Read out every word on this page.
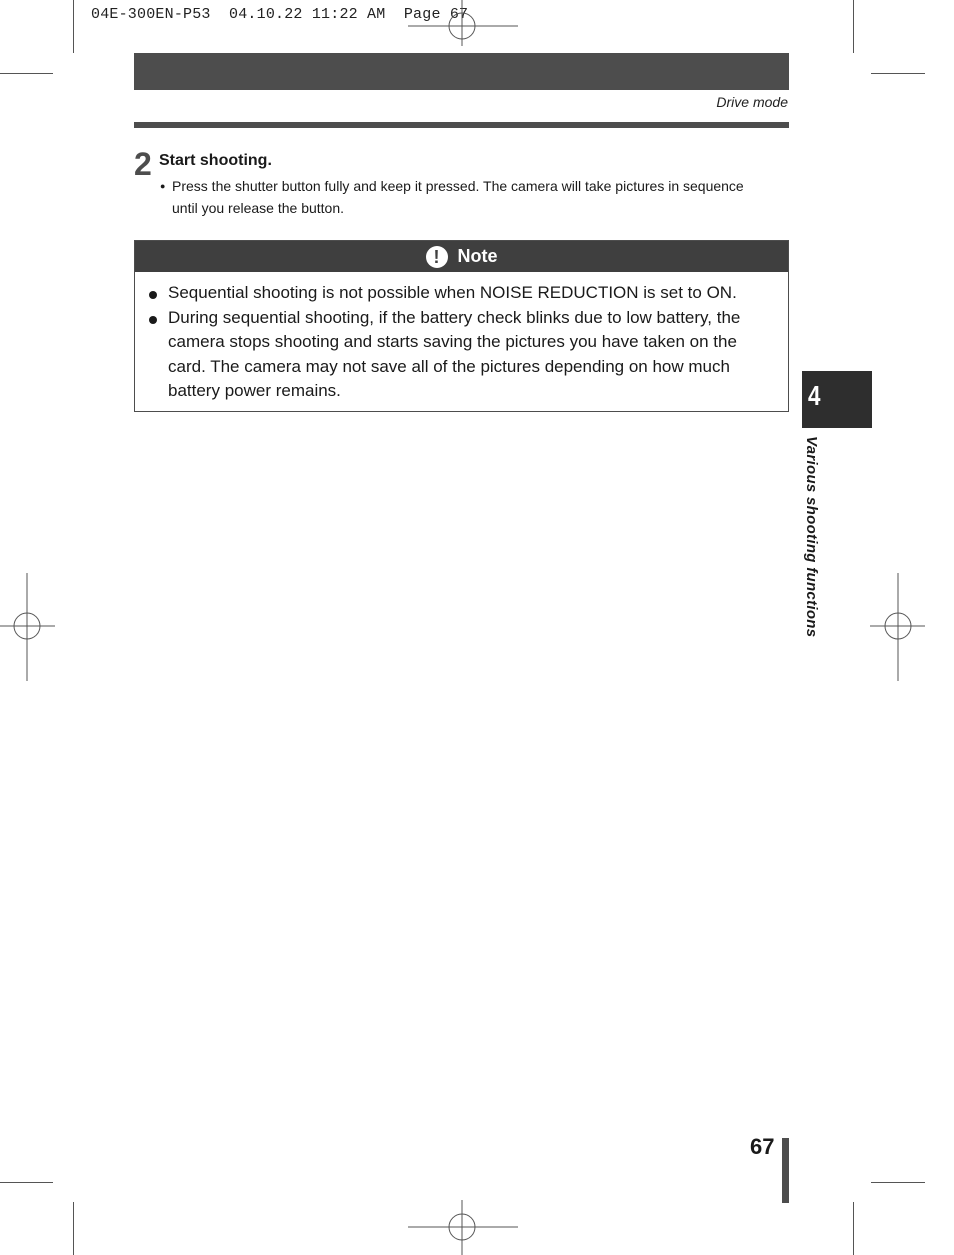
04E-300EN-P53  04.10.22 11:22 AM  Page 67
Drive mode
2 Start shooting.
● Press the shutter button fully and keep it pressed. The camera will take pictures in sequence until you release the button.
!	Note
Sequential shooting is not possible when NOISE REDUCTION is set to ON.
During sequential shooting, if the battery check blinks due to low battery, the camera stops shooting and starts saving the pictures you have taken on the card. The camera may not save all of the pictures depending on how much battery power remains.	4
Various shooting functions
67
